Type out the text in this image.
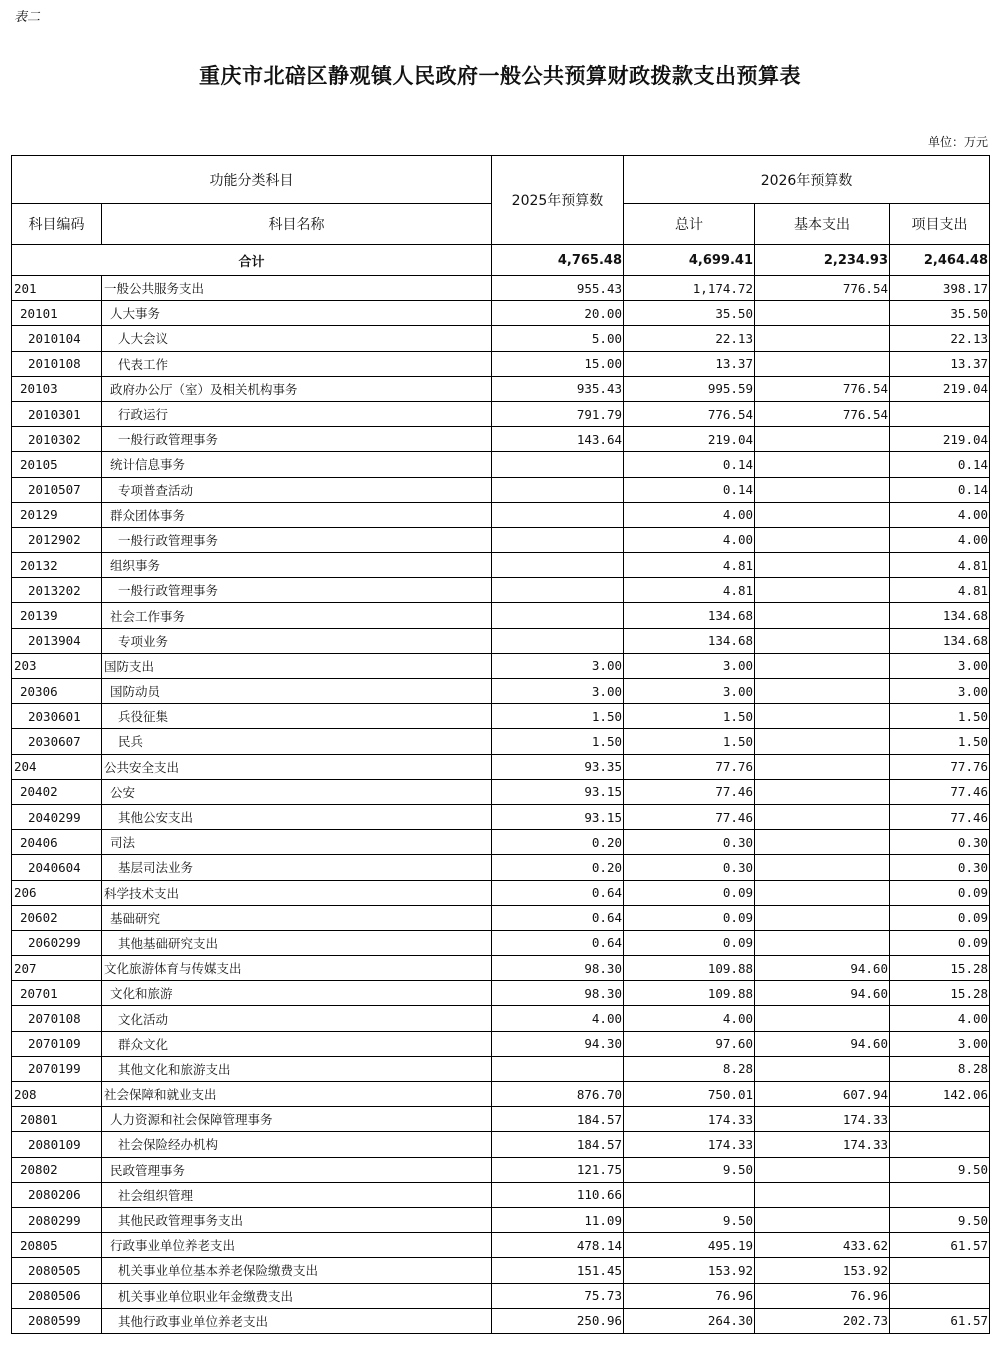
表二
重庆市北碚区静观镇人民政府一般公共预算财政拨款支出预算表
单位：万元
功能分类科目		2025年预算数	2026年预算数		
科目编码	科目名称		总计	基本支出	项目支出
合计		4,765.48	4,699.41	2,234.93	2,464.48
201	一般公共服务支出	955.43	1,174.72	776.54	398.17
20101	人大事务	20.00	35.50		35.50
2010104	人大会议	5.00	22.13		22.13
2010108	代表工作	15.00	13.37		13.37
20103	政府办公厅（室）及相关机构事务	935.43	995.59	776.54	219.04
2010301	行政运行	791.79	776.54	776.54	
2010302	一般行政管理事务	143.64	219.04		219.04
20105	统计信息事务		0.14		0.14
2010507	专项普查活动		0.14		0.14
20129	群众团体事务		4.00		4.00
2012902	一般行政管理事务		4.00		4.00
20132	组织事务		4.81		4.81
2013202	一般行政管理事务		4.81		4.81
20139	社会工作事务		134.68		134.68
2013904	专项业务		134.68		134.68
203	国防支出	3.00	3.00		3.00
20306	国防动员	3.00	3.00		3.00
2030601	兵役征集	1.50	1.50		1.50
2030607	民兵	1.50	1.50		1.50
204	公共安全支出	93.35	77.76		77.76
20402	公安	93.15	77.46		77.46
2040299	其他公安支出	93.15	77.46		77.46
20406	司法	0.20	0.30		0.30
2040604	基层司法业务	0.20	0.30		0.30
206	科学技术支出	0.64	0.09		0.09
20602	基础研究	0.64	0.09		0.09
2060299	其他基础研究支出	0.64	0.09		0.09
207	文化旅游体育与传媒支出	98.30	109.88	94.60	15.28
20701	文化和旅游	98.30	109.88	94.60	15.28
2070108	文化活动	4.00	4.00		4.00
2070109	群众文化	94.30	97.60	94.60	3.00
2070199	其他文化和旅游支出		8.28		8.28
208	社会保障和就业支出	876.70	750.01	607.94	142.06
20801	人力资源和社会保障管理事务	184.57	174.33	174.33	
2080109	社会保险经办机构	184.57	174.33	174.33	
20802	民政管理事务	121.75	9.50		9.50
2080206	社会组织管理	110.66			
2080299	其他民政管理事务支出	11.09	9.50		9.50
20805	行政事业单位养老支出	478.14	495.19	433.62	61.57
2080505	机关事业单位基本养老保险缴费支出	151.45	153.92	153.92	
2080506	机关事业单位职业年金缴费支出	75.73	76.96	76.96	
2080599	其他行政事业单位养老支出	250.96	264.30	202.73	61.57
